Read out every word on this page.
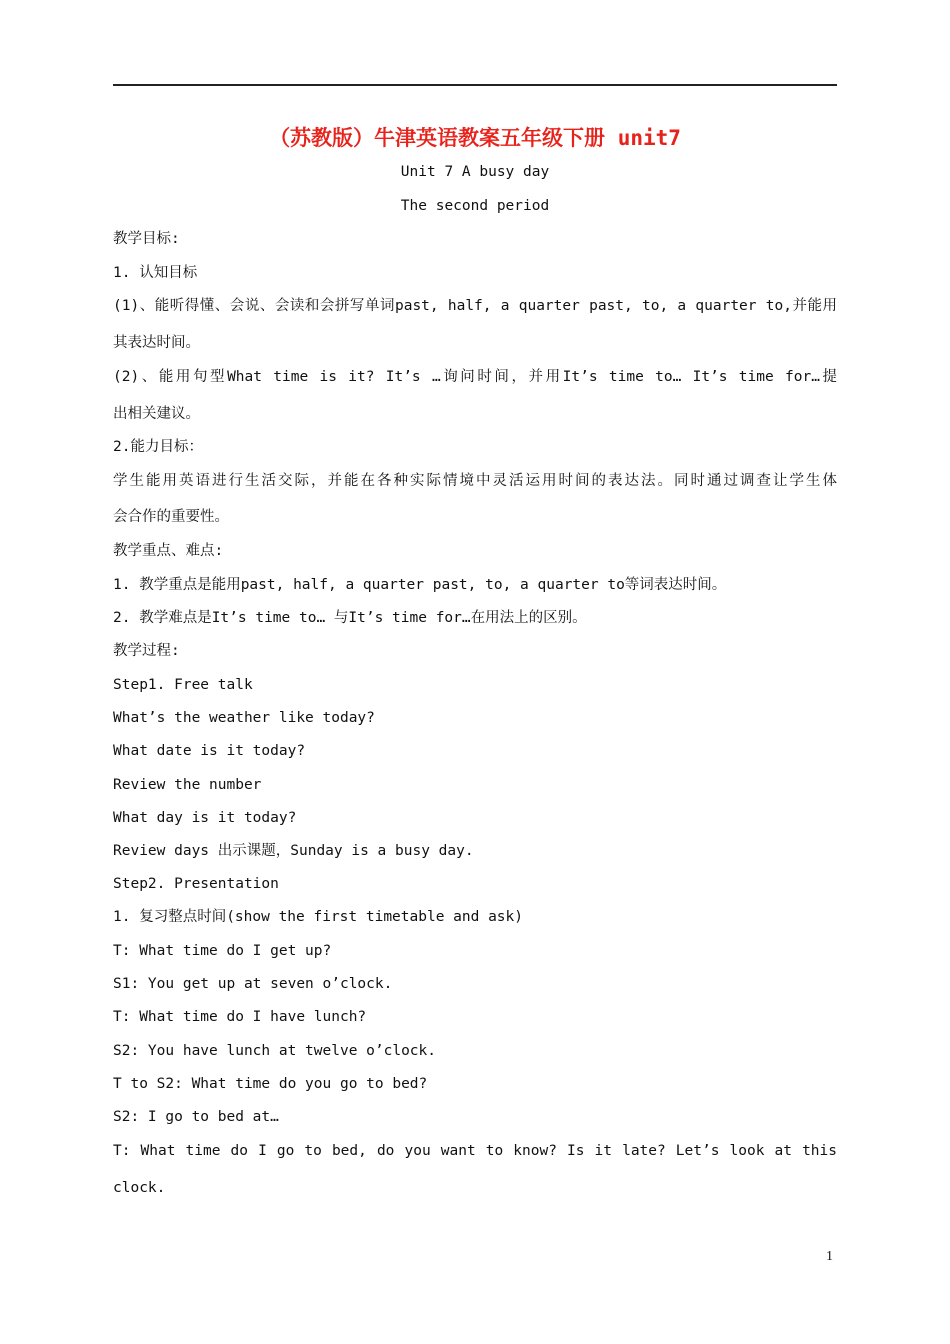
（苏教版）牛津英语教案五年级下册 unit7
Unit 7 A busy day
The second period
教学目标:
1. 认知目标
(1)、能听得懂、会说、会读和会拼写单词past, half, a quarter past, to, a quarter to,并能用
其表达时间。
(2)、能用句型What time is it? It’s …询问时间，并用It’s time to… It’s time for…提
出相关建议。
2.能力目标：
学生能用英语进行生活交际，并能在各种实际情境中灵活运用时间的表达法。同时通过调查让学生体
会合作的重要性。
教学重点、难点:
1. 教学重点是能用past, half, a quarter past, to, a quarter to等词表达时间。
2. 教学难点是It’s time to… 与It’s time for…在用法上的区别。
教学过程:
Step1. Free talk
What’s the weather like today?
What date is it today?
Review the number
What day is it today?
Review days 出示课题，Sunday is a busy day.
Step2. Presentation
1. 复习整点时间(show the first timetable and ask)
T: What time do I get up?
S1: You get up at seven o’clock.
T: What time do I have lunch?
S2: You have lunch at twelve o’clock.
T to S2: What time do you go to bed?
S2: I go to bed at…
T: What time do I go to bed, do you want to know? Is it late? Let’s look at this
clock.
1
